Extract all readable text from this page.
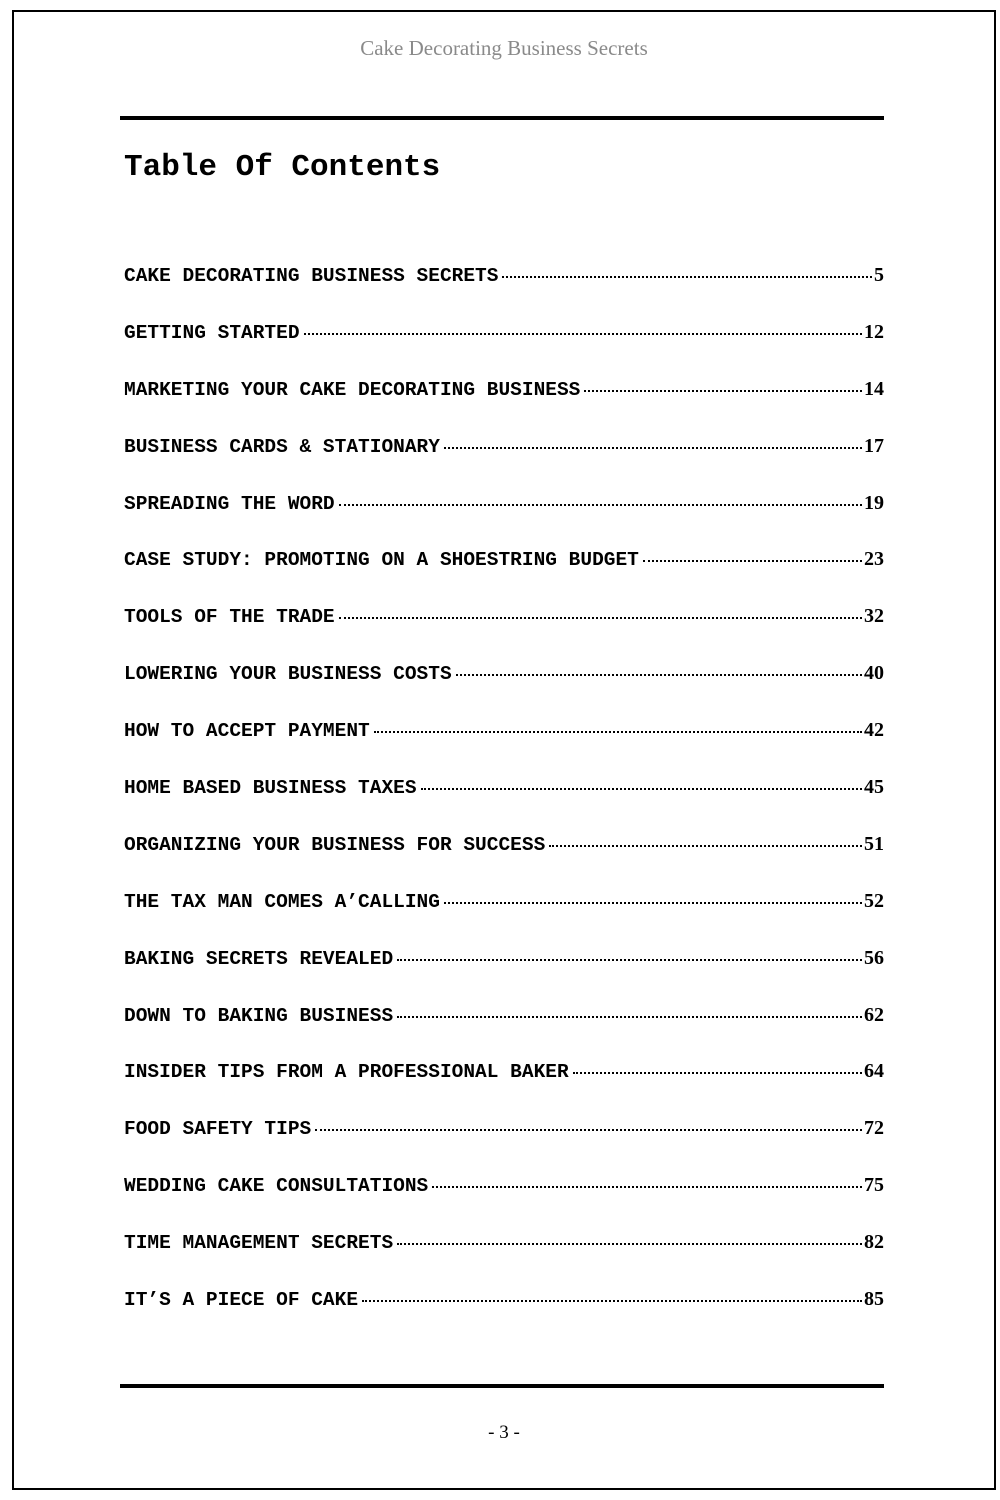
Cake Decorating Business Secrets
Table Of Contents
CAKE DECORATING BUSINESS SECRETS	5
GETTING STARTED	12
MARKETING YOUR CAKE DECORATING BUSINESS	14
BUSINESS CARDS & STATIONARY	17
SPREADING THE WORD	19
CASE STUDY: PROMOTING ON A SHOESTRING BUDGET	23
TOOLS OF THE TRADE	32
LOWERING YOUR BUSINESS COSTS	40
HOW TO ACCEPT PAYMENT	42
HOME BASED BUSINESS TAXES	45
ORGANIZING YOUR BUSINESS FOR SUCCESS	51
THE TAX MAN COMES A’CALLING	52
BAKING SECRETS REVEALED	56
DOWN TO BAKING BUSINESS	62
INSIDER TIPS FROM A PROFESSIONAL BAKER	64
FOOD SAFETY TIPS	72
WEDDING CAKE CONSULTATIONS	75
TIME MANAGEMENT SECRETS	82
IT’S A PIECE OF CAKE	85
- 3 -
